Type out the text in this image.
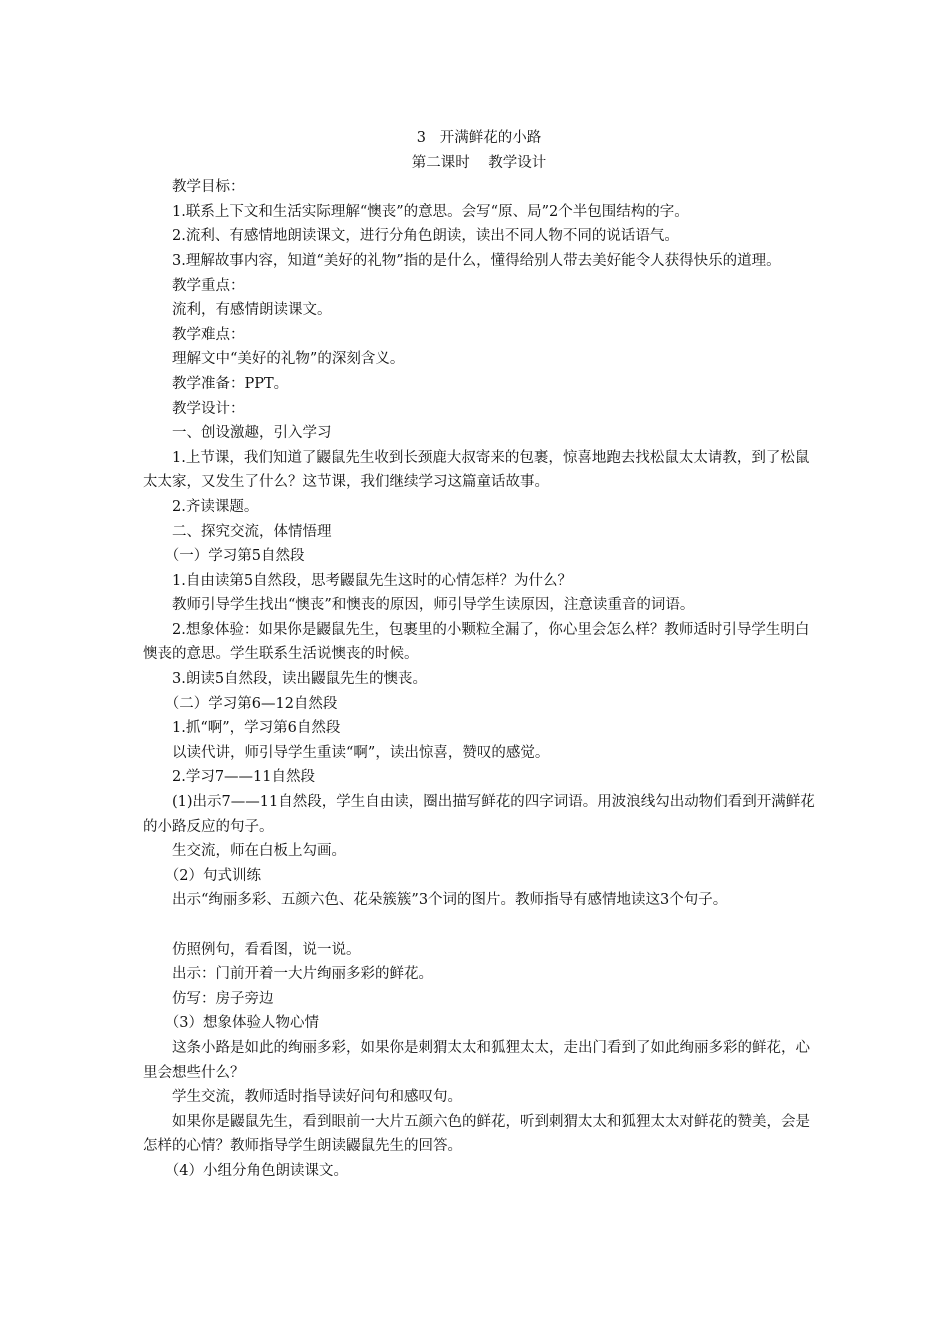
3   开满鲜花的小路

第二课时    教学设计

教学目标：

1.联系上下文和生活实际理解“懊丧”的意思。会写“原、局”2个半包围结构的字。

2.流利、有感情地朗读课文，进行分角色朗读，读出不同人物不同的说话语气。

3.理解故事内容，知道“美好的礼物”指的是什么，懂得给别人带去美好能令人获得快乐的道理。

教学重点：

流利，有感情朗读课文。

教学难点：

理解文中“美好的礼物”的深刻含义。

教学准备：PPT。

教学设计：

一、创设激趣，引入学习

1.上节课，我们知道了鼹鼠先生收到长颈鹿大叔寄来的包裹，惊喜地跑去找松鼠太太请教，到了松鼠太太家，又发生了什么？这节课，我们继续学习这篇童话故事。

2.齐读课题。

二、探究交流，体情悟理

（一）学习第5自然段

1.自由读第5自然段，思考鼹鼠先生这时的心情怎样？为什么？

教师引导学生找出“懊丧”和懊丧的原因，师引导学生读原因，注意读重音的词语。

2.想象体验：如果你是鼹鼠先生，包裹里的小颗粒全漏了，你心里会怎么样？教师适时引导学生明白懊丧的意思。学生联系生活说懊丧的时候。

3.朗读5自然段，读出鼹鼠先生的懊丧。

（二）学习第6—12自然段

1.抓“啊”，学习第6自然段

以读代讲，师引导学生重读“啊”，读出惊喜，赞叹的感觉。

2.学习7——11自然段

(1)出示7——11自然段，学生自由读，圈出描写鲜花的四字词语。用波浪线勾出动物们看到开满鲜花的小路反应的句子。

生交流，师在白板上勾画。

（2）句式训练

出示“绚丽多彩、五颜六色、花朵簇簇”3个词的图片。教师指导有感情地读这3个句子。

仿照例句，看看图，说一说。

出示：门前开着一大片绚丽多彩的鲜花。

仿写：房子旁边

（3）想象体验人物心情

这条小路是如此的绚丽多彩，如果你是刺猬太太和狐狸太太，走出门看到了如此绚丽多彩的鲜花，心里会想些什么？

学生交流，教师适时指导读好问句和感叹句。

如果你是鼹鼠先生，看到眼前一大片五颜六色的鲜花，听到刺猬太太和狐狸太太对鲜花的赞美，会是怎样的心情？教师指导学生朗读鼹鼠先生的回答。

（4）小组分角色朗读课文。
